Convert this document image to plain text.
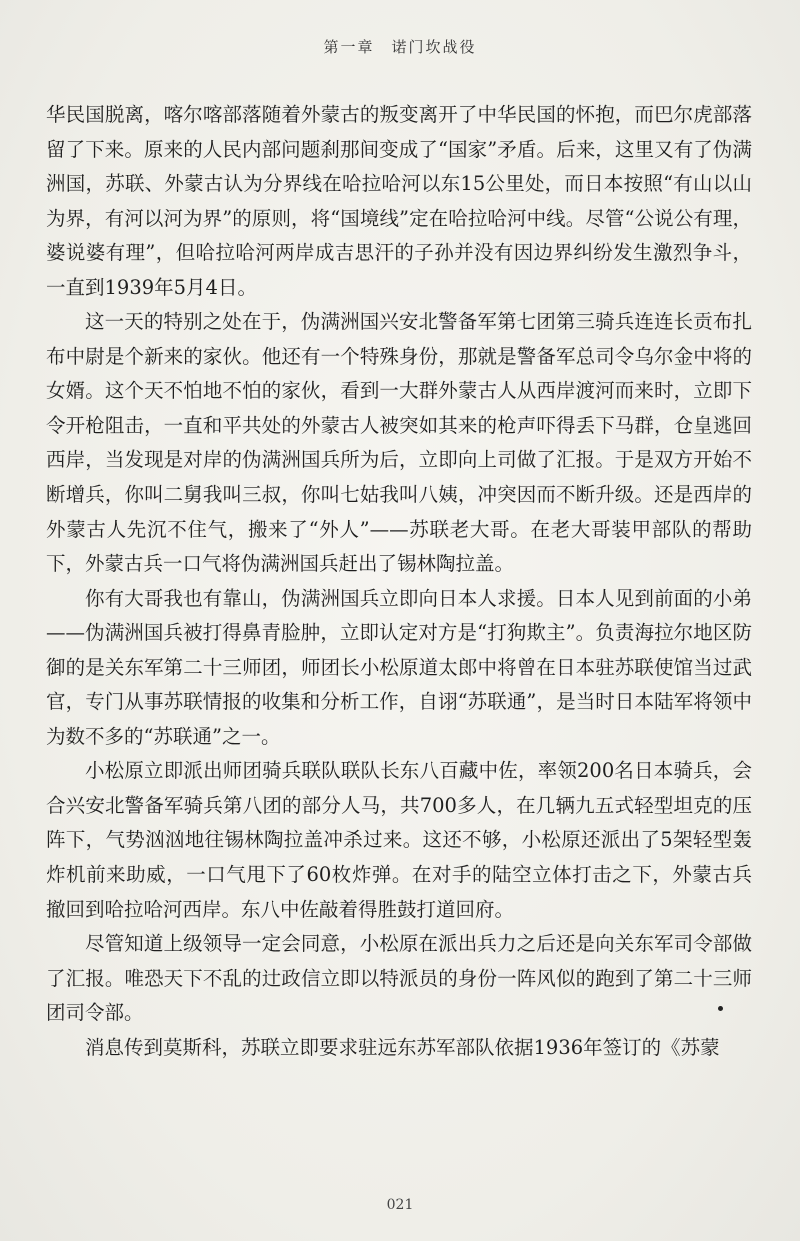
第一章　诺门坎战役

华民国脱离，喀尔喀部落随着外蒙古的叛变离开了中华民国的怀抱，而巴尔虎部落留了下来。原来的人民内部问题刹那间变成了“国家”矛盾。后来，这里又有了伪满洲国，苏联、外蒙古认为分界线在哈拉哈河以东15公里处，而日本按照“有山以山为界，有河以河为界”的原则，将“国境线”定在哈拉哈河中线。尽管“公说公有理，婆说婆有理”，但哈拉哈河两岸成吉思汗的子孙并没有因边界纠纷发生激烈争斗，一直到1939年5月4日。

这一天的特别之处在于，伪满洲国兴安北警备军第七团第三骑兵连连长贡布扎布中尉是个新来的家伙。他还有一个特殊身份，那就是警备军总司令乌尔金中将的女婿。这个天不怕地不怕的家伙，看到一大群外蒙古人从西岸渡河而来时，立即下令开枪阻击，一直和平共处的外蒙古人被突如其来的枪声吓得丢下马群，仓皇逃回西岸，当发现是对岸的伪满洲国兵所为后，立即向上司做了汇报。于是双方开始不断增兵，你叫二舅我叫三叔，你叫七姑我叫八姨，冲突因而不断升级。还是西岸的外蒙古人先沉不住气，搬来了“外人”——苏联老大哥。在老大哥装甲部队的帮助下，外蒙古兵一口气将伪满洲国兵赶出了锡林陶拉盖。

你有大哥我也有靠山，伪满洲国兵立即向日本人求援。日本人见到前面的小弟——伪满洲国兵被打得鼻青脸肿，立即认定对方是“打狗欺主”。负责海拉尔地区防御的是关东军第二十三师团，师团长小松原道太郎中将曾在日本驻苏联使馆当过武官，专门从事苏联情报的收集和分析工作，自诩“苏联通”，是当时日本陆军将领中为数不多的“苏联通”之一。

小松原立即派出师团骑兵联队联队长东八百藏中佐，率领200名日本骑兵，会合兴安北警备军骑兵第八团的部分人马，共700多人，在几辆九五式轻型坦克的压阵下，气势汹汹地往锡林陶拉盖冲杀过来。这还不够，小松原还派出了5架轻型轰炸机前来助威，一口气甩下了60枚炸弹。在对手的陆空立体打击之下，外蒙古兵撤回到哈拉哈河西岸。东八中佐敲着得胜鼓打道回府。

尽管知道上级领导一定会同意，小松原在派出兵力之后还是向关东军司令部做了汇报。唯恐天下不乱的辻政信立即以特派员的身份一阵风似的跑到了第二十三师团司令部。

消息传到莫斯科，苏联立即要求驻远东苏军部队依据1936年签订的《苏蒙

021
